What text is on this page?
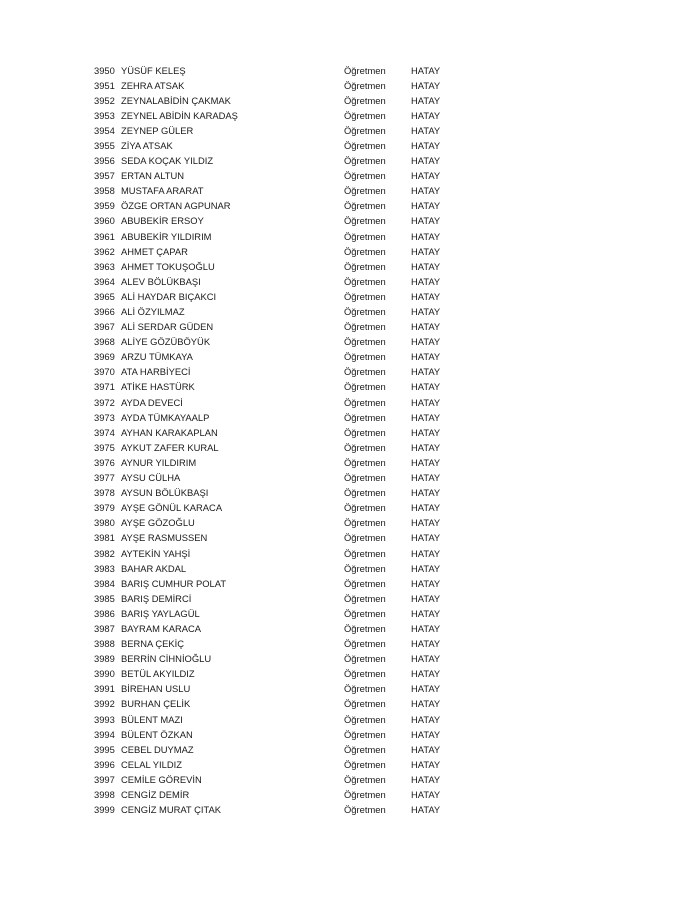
3950 YÜSÜF KELEŞ	Öğretmen	HATAY
3951 ZEHRA ATSAK	Öğretmen	HATAY
3952 ZEYNALABİDİN ÇAKMAK	Öğretmen	HATAY
3953 ZEYNEL ABİDİN KARADAŞ	Öğretmen	HATAY
3954 ZEYNEP GÜLER	Öğretmen	HATAY
3955 ZİYA ATSAK	Öğretmen	HATAY
3956 SEDA KOÇAK YILDIZ	Öğretmen	HATAY
3957 ERTAN ALTUN	Öğretmen	HATAY
3958 MUSTAFA ARARAT	Öğretmen	HATAY
3959 ÖZGE ORTAN AGPUNAR	Öğretmen	HATAY
3960 ABUBEKİR ERSOY	Öğretmen	HATAY
3961 ABUBEKİR YILDIRIM	Öğretmen	HATAY
3962 AHMET ÇAPAR	Öğretmen	HATAY
3963 AHMET TOKUŞOĞLU	Öğretmen	HATAY
3964 ALEV BÖLÜKBAŞI	Öğretmen	HATAY
3965 ALİ HAYDAR BIÇAKCI	Öğretmen	HATAY
3966 ALİ ÖZYILMAZ	Öğretmen	HATAY
3967 ALİ SERDAR GÜDEN	Öğretmen	HATAY
3968 ALİYE GÖZÜBÖYÜK	Öğretmen	HATAY
3969 ARZU TÜMKAYA	Öğretmen	HATAY
3970 ATA HARBİYECİ	Öğretmen	HATAY
3971 ATİKE HASTÜRK	Öğretmen	HATAY
3972 AYDA DEVECİ	Öğretmen	HATAY
3973 AYDA TÜMKAYAALP	Öğretmen	HATAY
3974 AYHAN KARAKAPLAN	Öğretmen	HATAY
3975 AYKUT ZAFER KURAL	Öğretmen	HATAY
3976 AYNUR YILDIRIM	Öğretmen	HATAY
3977 AYSU CÜLHA	Öğretmen	HATAY
3978 AYSUN BÖLÜKBAŞI	Öğretmen	HATAY
3979 AYŞE GÖNÜL KARACA	Öğretmen	HATAY
3980 AYŞE GÖZOĞLU	Öğretmen	HATAY
3981 AYŞE RASMUSSEN	Öğretmen	HATAY
3982 AYTEKİN YAHŞİ	Öğretmen	HATAY
3983 BAHAR AKDAL	Öğretmen	HATAY
3984 BARIŞ CUMHUR POLAT	Öğretmen	HATAY
3985 BARIŞ DEMİRCİ	Öğretmen	HATAY
3986 BARIŞ YAYLAGÜL	Öğretmen	HATAY
3987 BAYRAM KARACA	Öğretmen	HATAY
3988 BERNA ÇEKİÇ	Öğretmen	HATAY
3989 BERRİN CİHNİOĞLU	Öğretmen	HATAY
3990 BETÜL AKYILDIZ	Öğretmen	HATAY
3991 BİREHAN USLU	Öğretmen	HATAY
3992 BURHAN ÇELİK	Öğretmen	HATAY
3993 BÜLENT MAZI	Öğretmen	HATAY
3994 BÜLENT ÖZKAN	Öğretmen	HATAY
3995 CEBEL DUYMAZ	Öğretmen	HATAY
3996 CELAL YILDIZ	Öğretmen	HATAY
3997 CEMİLE GÖREVİN	Öğretmen	HATAY
3998 CENGİZ DEMİR	Öğretmen	HATAY
3999 CENGİZ MURAT ÇITAK	Öğretmen	HATAY
